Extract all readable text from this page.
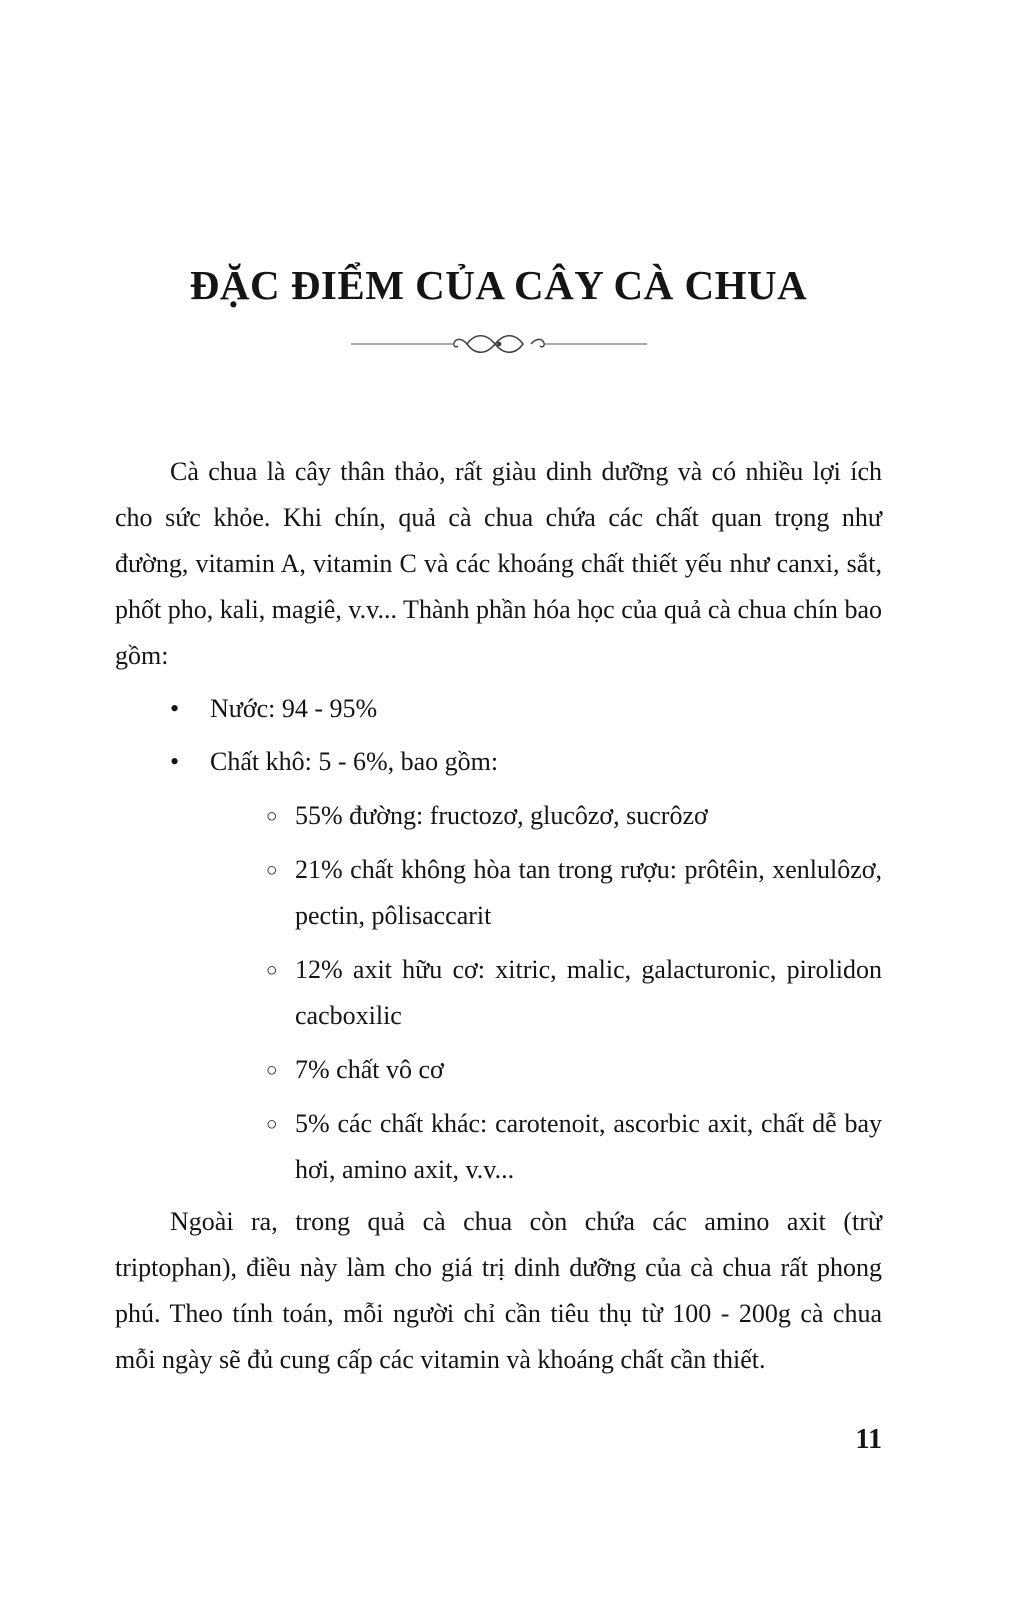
ĐẶC ĐIỂM CỦA CÂY CÀ CHUA

Cà chua là cây thân thảo, rất giàu dinh dưỡng và có nhiều lợi ích cho sức khỏe. Khi chín, quả cà chua chứa các chất quan trọng như đường, vitamin A, vitamin C và các khoáng chất thiết yếu như canxi, sắt, phốt pho, kali, magiê, v.v... Thành phần hóa học của quả cà chua chín bao gồm:

• Nước: 94 - 95%
• Chất khô: 5 - 6%, bao gồm:
○ 55% đường: fructozơ, glucôzơ, sucrôzơ
○ 21% chất không hòa tan trong rượu: prôtêin, xenlulôzơ, pectin, pôlisaccarit
○ 12% axit hữu cơ: xitric, malic, galacturonic, pirolidon cacboxilic
○ 7% chất vô cơ
○ 5% các chất khác: carotenoit, ascorbic axit, chất dễ bay hơi, amino axit, v.v...

Ngoài ra, trong quả cà chua còn chứa các amino axit (trừ triptophan), điều này làm cho giá trị dinh dưỡng của cà chua rất phong phú. Theo tính toán, mỗi người chỉ cần tiêu thụ từ 100 - 200g cà chua mỗi ngày sẽ đủ cung cấp các vitamin và khoáng chất cần thiết.

11
